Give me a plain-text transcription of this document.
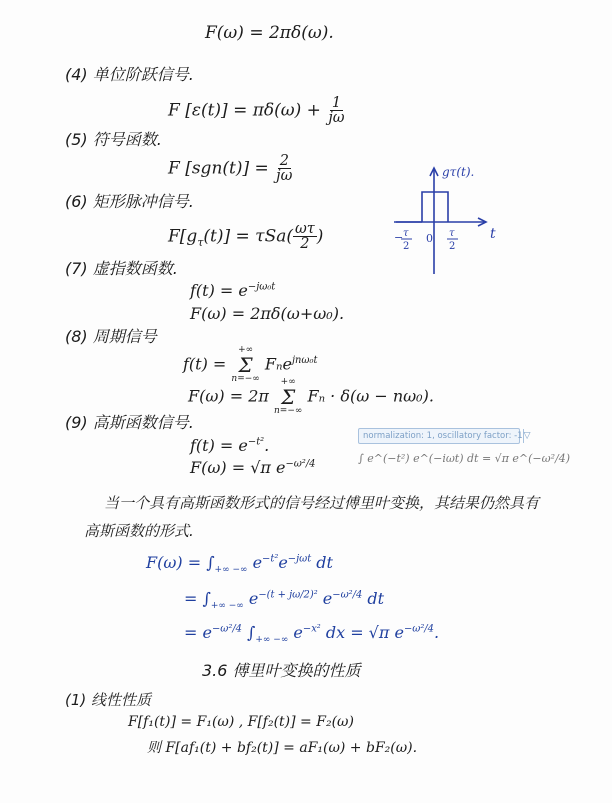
F(ω) = 2πδ(ω).
(4) 单位阶跃信号.
F $[\varepsilon(t)] = \pi\delta(\omega) + \frac{1}{j\omega}$
(5) 符号函数.
F $[sgn(t)] = \frac{2}{j\omega}$
(6) 矩形脉冲信号.
$F[g_\tau(t)] = \tau Sa( \frac{\omega\tau}{2}$ )
gτ(t).
t
− τ
2
0 τ
2
(7) 虚指数函数.
$f(t) = e^{-j\omega_0t}$
F(ω) = 2πδ(ω+ω₀).
(8) 周期信号
f(t) =
+∞
Σ
n=−∞
Fₙe$^{jn\omega_0t}$
F(ω) = 2π
+∞
Σ
n=−∞
Fₙ · δ(ω − nω₀).
(9) 高斯函数信号.
$f(t) = e^{-t^2}$.
F(ω) = √π $e^{-\omega^2/4}$
normalization: 1, oscillatory factor: -1 ▽
∫ e^(−t²) e^(−iωt) dt = √π e^(−ω²/4)
当一个具有高斯函数形式的信号经过傅里叶变换，其结果仍然具有
高斯函数的形式.
$F(\omega) = \int_{+\infty -\infty}$ $e^{-t^2}e^{-j\omega t}$ dt
= $\int_{+\infty -\infty}$ $e^{-(t + j\omega/2)^2}$ $e^{-\omega^2/4}$ dt
= $e^{-\omega^2/4}$ $\int_{+\infty -\infty}$ $e^{-x^2}$ dx = √π $e^{-\omega^2/4}$.
3.6 傅里叶变换的性质
(1) 线性性质
F[f₁(t)] = F₁(ω) , F[f₂(t)] = F₂(ω)
则 F[af₁(t) + bf₂(t)] = aF₁(ω) + bF₂(ω).
